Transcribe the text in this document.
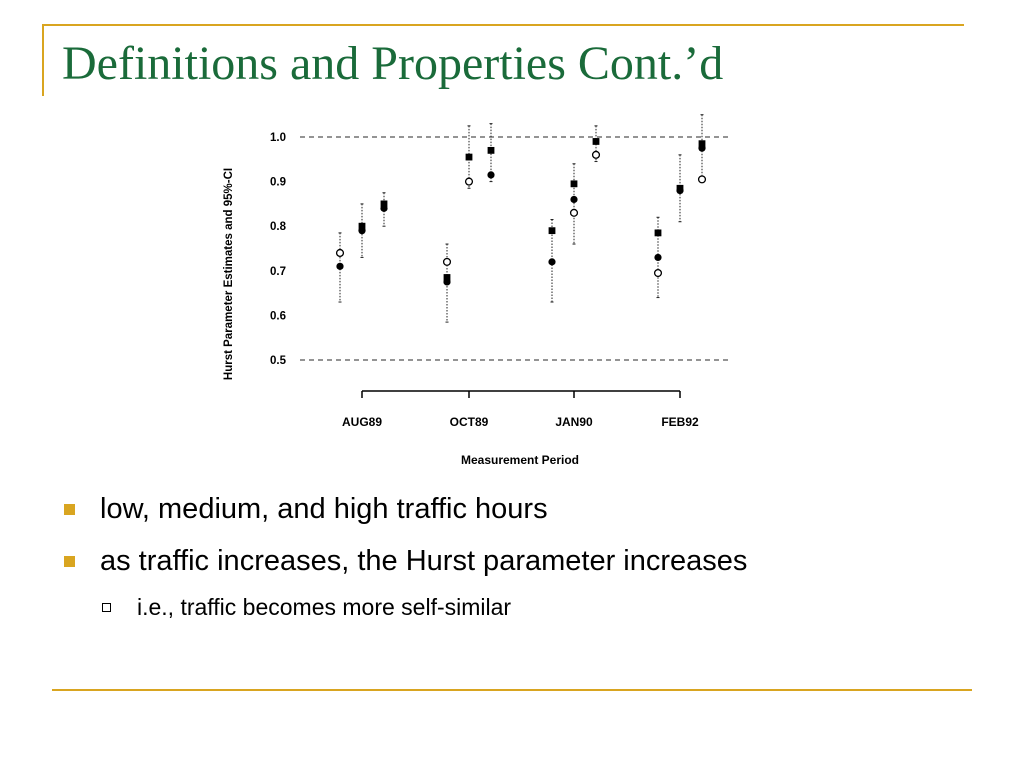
Definitions and Properties Cont.’d
Hurst Parameter Estimates and 95%-CI
Measurement Period
1.0
0.9
0.8
0.7
0.6
0.5
AUG89	OCT89	JAN90	FEB92
low, medium, and high traffic hours
as traffic increases, the Hurst parameter increases
i.e., traffic becomes more self-similar
